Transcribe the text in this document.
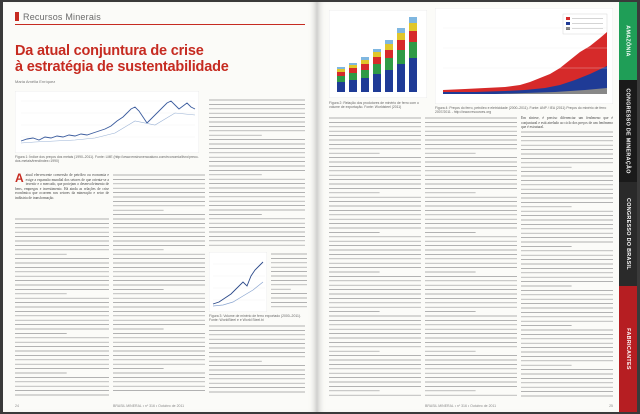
Recursos Minerais
Da atual conjuntura de crise
à estratégia de sustentabilidade
Maria Amélia Enríquez
Figura 1: Índice dos preços dos metais (1990–2011). Fonte: LME (http://www.ensinoveraoaluno.com/economia/livro/preco-dos-metais/trendindex=1990)
A atual efervescente conversão de petróleo ou economia e exige a expansão mundial dos setores de que orienta-se a investir e o mercado, que protejam o desenvolvimento de bens, empregos e investimento. Há ainda as relações de crise econômica que ocorrem nos setores da mineração e setor de indústria de transformação.
Figura 3: Volume de minério de ferro exportado (2000–2011). Fonte: WorldSteel e e World Steel.bi
24	BRASIL MINERAL • nº 316 • Outubro de 2011
Figura 2: Relação dos produtores de minério de ferro com o volume de exportação. Fonte: Worldsteel (2011)	Figura 4: Preços do ferro, petróleo e eletricidade (2000–2011). Fonte: ANP / IEA (2011) Preços do minério de ferro 2007/2011 - http://www.resources.org
Em síntese, é preciso diferenciar um fenômeno que é conjuntural e está atrelado ao ciclo dos preços de um fenômeno que é estrutural.
BRASIL MINERAL • nº 316 • Outubro de 2011	25
AMAZÔNIA
CONGRESSO DE MINERAÇÃO
CONGRESSO DO BRASIL
FABRICANTES
